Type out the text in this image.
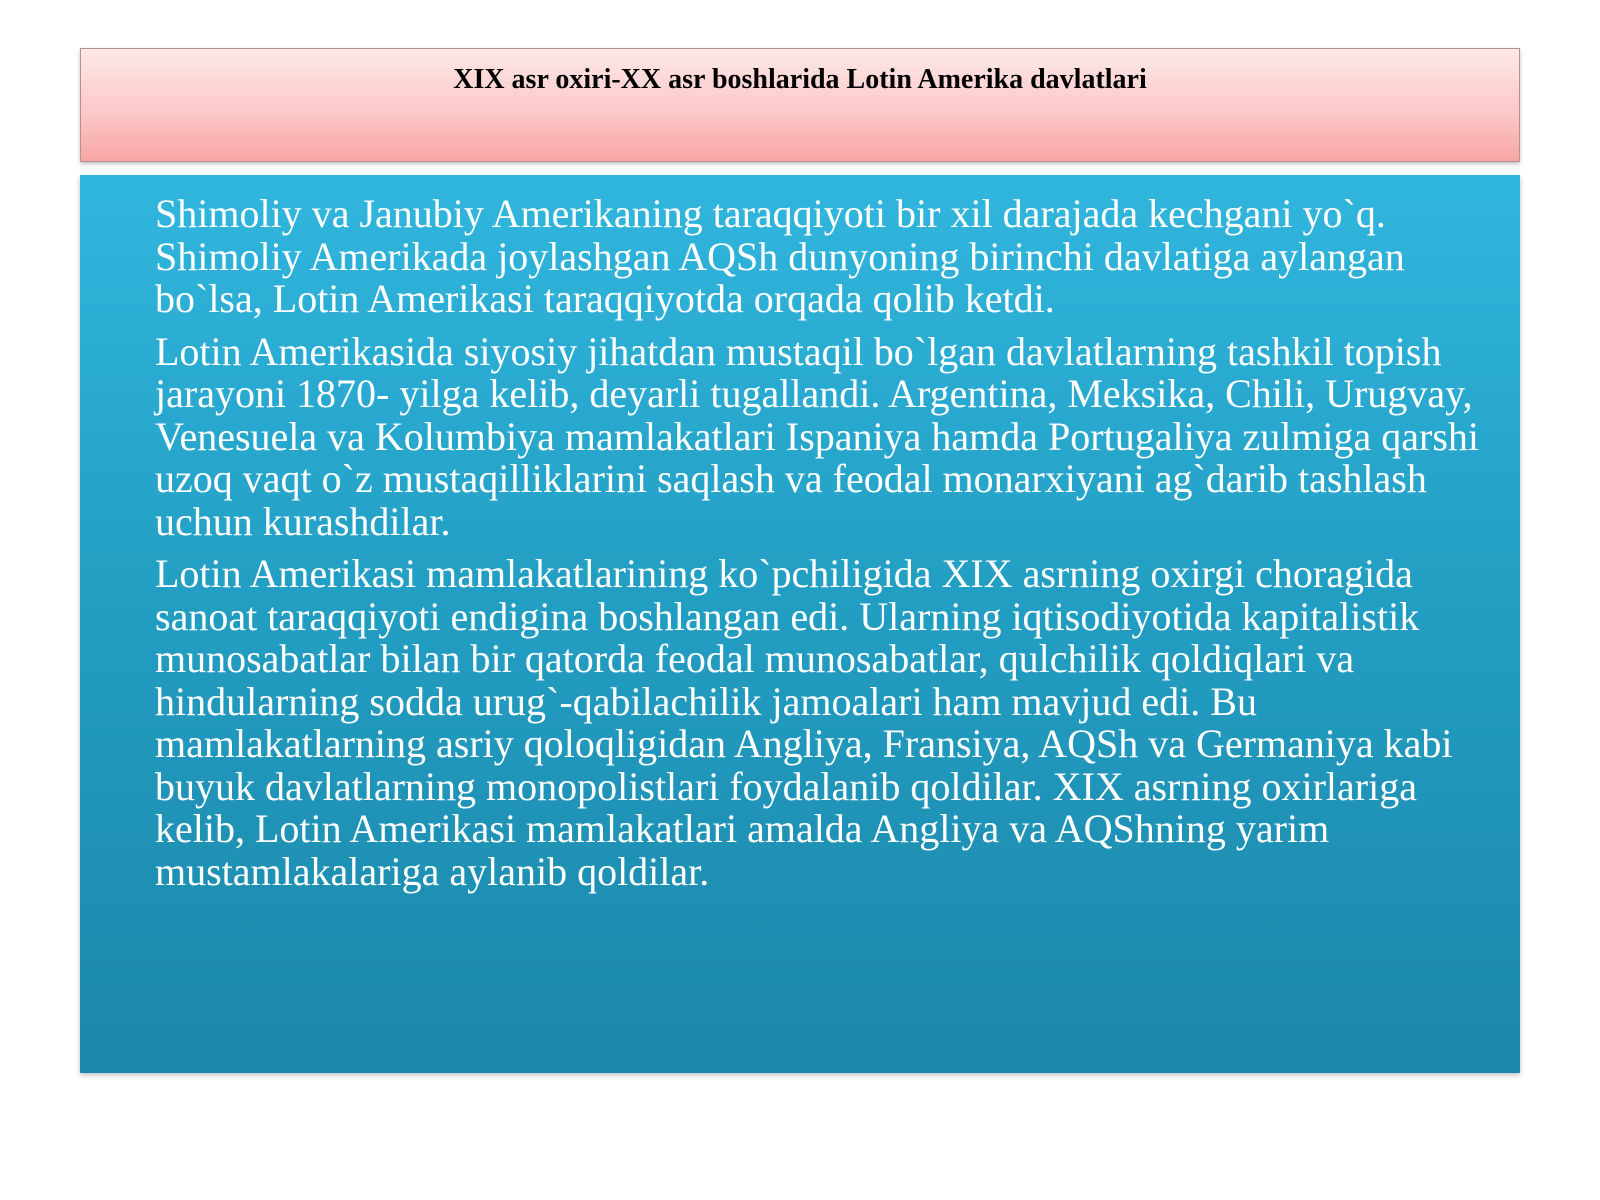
XIX asr oxiri-XX asr boshlarida Lotin Amerika davlatlari

Shimoliy va Janubiy Amerikaning taraqqiyoti bir xil darajada kechgani yo`q. Shimoliy Amerikada joylashgan AQSh dunyoning birinchi davlatiga aylangan bo`lsa, Lotin Amerikasi taraqqiyotda orqada qolib ketdi.

Lotin Amerikasida siyosiy jihatdan mustaqil bo`lgan davlatlarning tashkil topish jarayoni 1870- yilga kelib, deyarli tugallandi. Argentina, Meksika, Chili, Urugvay, Venesuela va Kolumbiya mamlakatlari Ispaniya hamda Portugaliya zulmiga qarshi uzoq vaqt o`z mustaqilliklarini saqlash va feodal monarxiyani ag`darib tashlash uchun kurashdilar.

Lotin Amerikasi mamlakatlarining ko`pchiligida XIX asrning oxirgi choragida sanoat taraqqiyoti endigina boshlangan edi. Ularning iqtisodiyotida kapitalistik munosabatlar bilan bir qatorda feodal munosabatlar, qulchilik qoldiqlari va hindularning sodda urug`-qabilachilik jamoalari ham mavjud edi. Bu mamlakatlarning asriy qoloqligidan Angliya, Fransiya, AQSh va Germaniya kabi buyuk davlatlarning monopolistlari foydalanib qoldilar. XIX asrning oxirlariga kelib, Lotin Amerikasi mamlakatlari amalda Angliya va AQShning yarim mustamlakalariga aylanib qoldilar.
